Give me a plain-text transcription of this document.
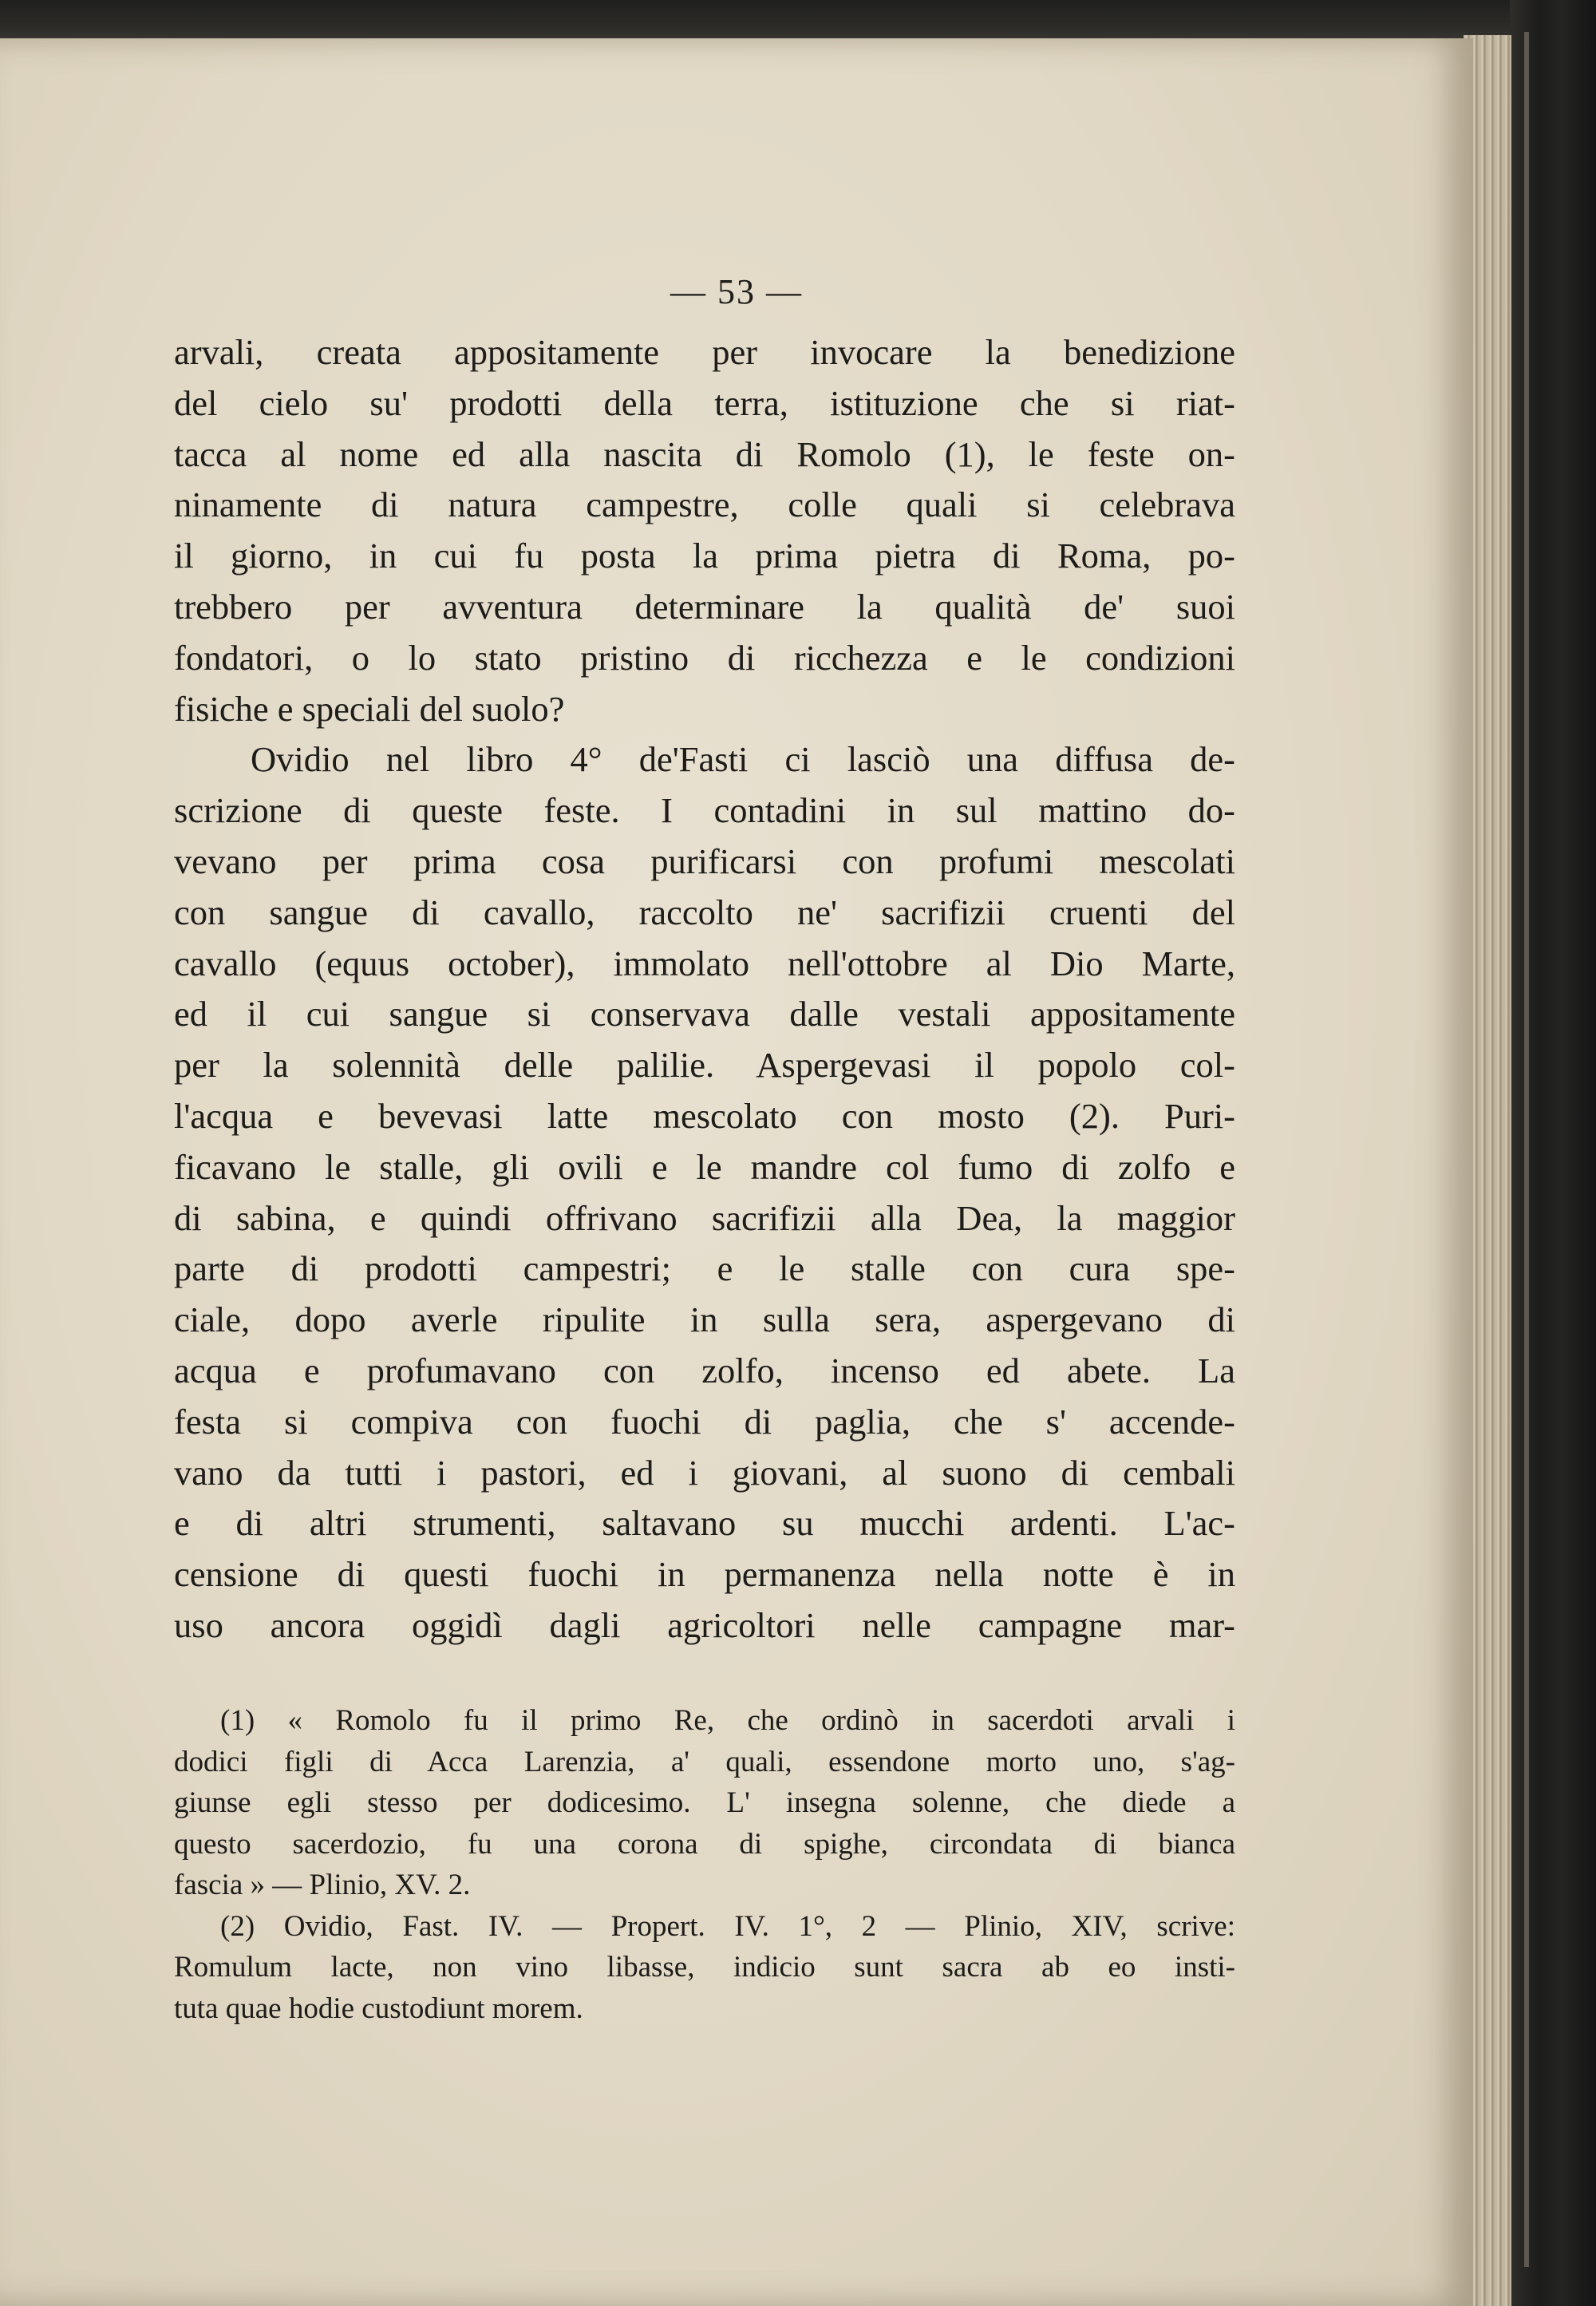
— 53 —
arvali, creata appositamente per invocare la benedizione
del cielo su' prodotti della terra, istituzione che si riat-
tacca al nome ed alla nascita di Romolo (1), le feste on-
ninamente di natura campestre, colle quali si celebrava
il giorno, in cui fu posta la prima pietra di Roma, po-
trebbero per avventura determinare la qualità de' suoi
fondatori, o lo stato pristino di ricchezza e le condizioni
fisiche e speciali del suolo?
Ovidio nel libro 4° de'Fasti ci lasciò una diffusa de-
scrizione di queste feste. I contadini in sul mattino do-
vevano per prima cosa purificarsi con profumi mescolati
con sangue di cavallo, raccolto ne' sacrifizii cruenti del
cavallo (equus october), immolato nell'ottobre al Dio Marte,
ed il cui sangue si conservava dalle vestali appositamente
per la solennità delle palilie. Aspergevasi il popolo col-
l'acqua e bevevasi latte mescolato con mosto (2). Puri-
ficavano le stalle, gli ovili e le mandre col fumo di zolfo e
di sabina, e quindi offrivano sacrifizii alla Dea, la maggior
parte di prodotti campestri; e le stalle con cura spe-
ciale, dopo averle ripulite in sulla sera, aspergevano di
acqua e profumavano con zolfo, incenso ed abete. La
festa si compiva con fuochi di paglia, che s' accende-
vano da tutti i pastori, ed i giovani, al suono di cembali
e di altri strumenti, saltavano su mucchi ardenti. L'ac-
censione di questi fuochi in permanenza nella notte è in
uso ancora oggidì dagli agricoltori nelle campagne mar-
(1) « Romolo fu il primo Re, che ordinò in sacerdoti arvali i
dodici figli di Acca Larenzia, a' quali, essendone morto uno, s'ag-
giunse egli stesso per dodicesimo. L' insegna solenne, che diede a
questo sacerdozio, fu una corona di spighe, circondata di bianca
fascia » — Plinio, XV. 2.
(2) Ovidio, Fast. IV. — Propert. IV. 1°, 2 — Plinio, XIV, scrive:
Romulum lacte, non vino libasse, indicio sunt sacra ab eo insti-
tuta quae hodie custodiunt morem.
